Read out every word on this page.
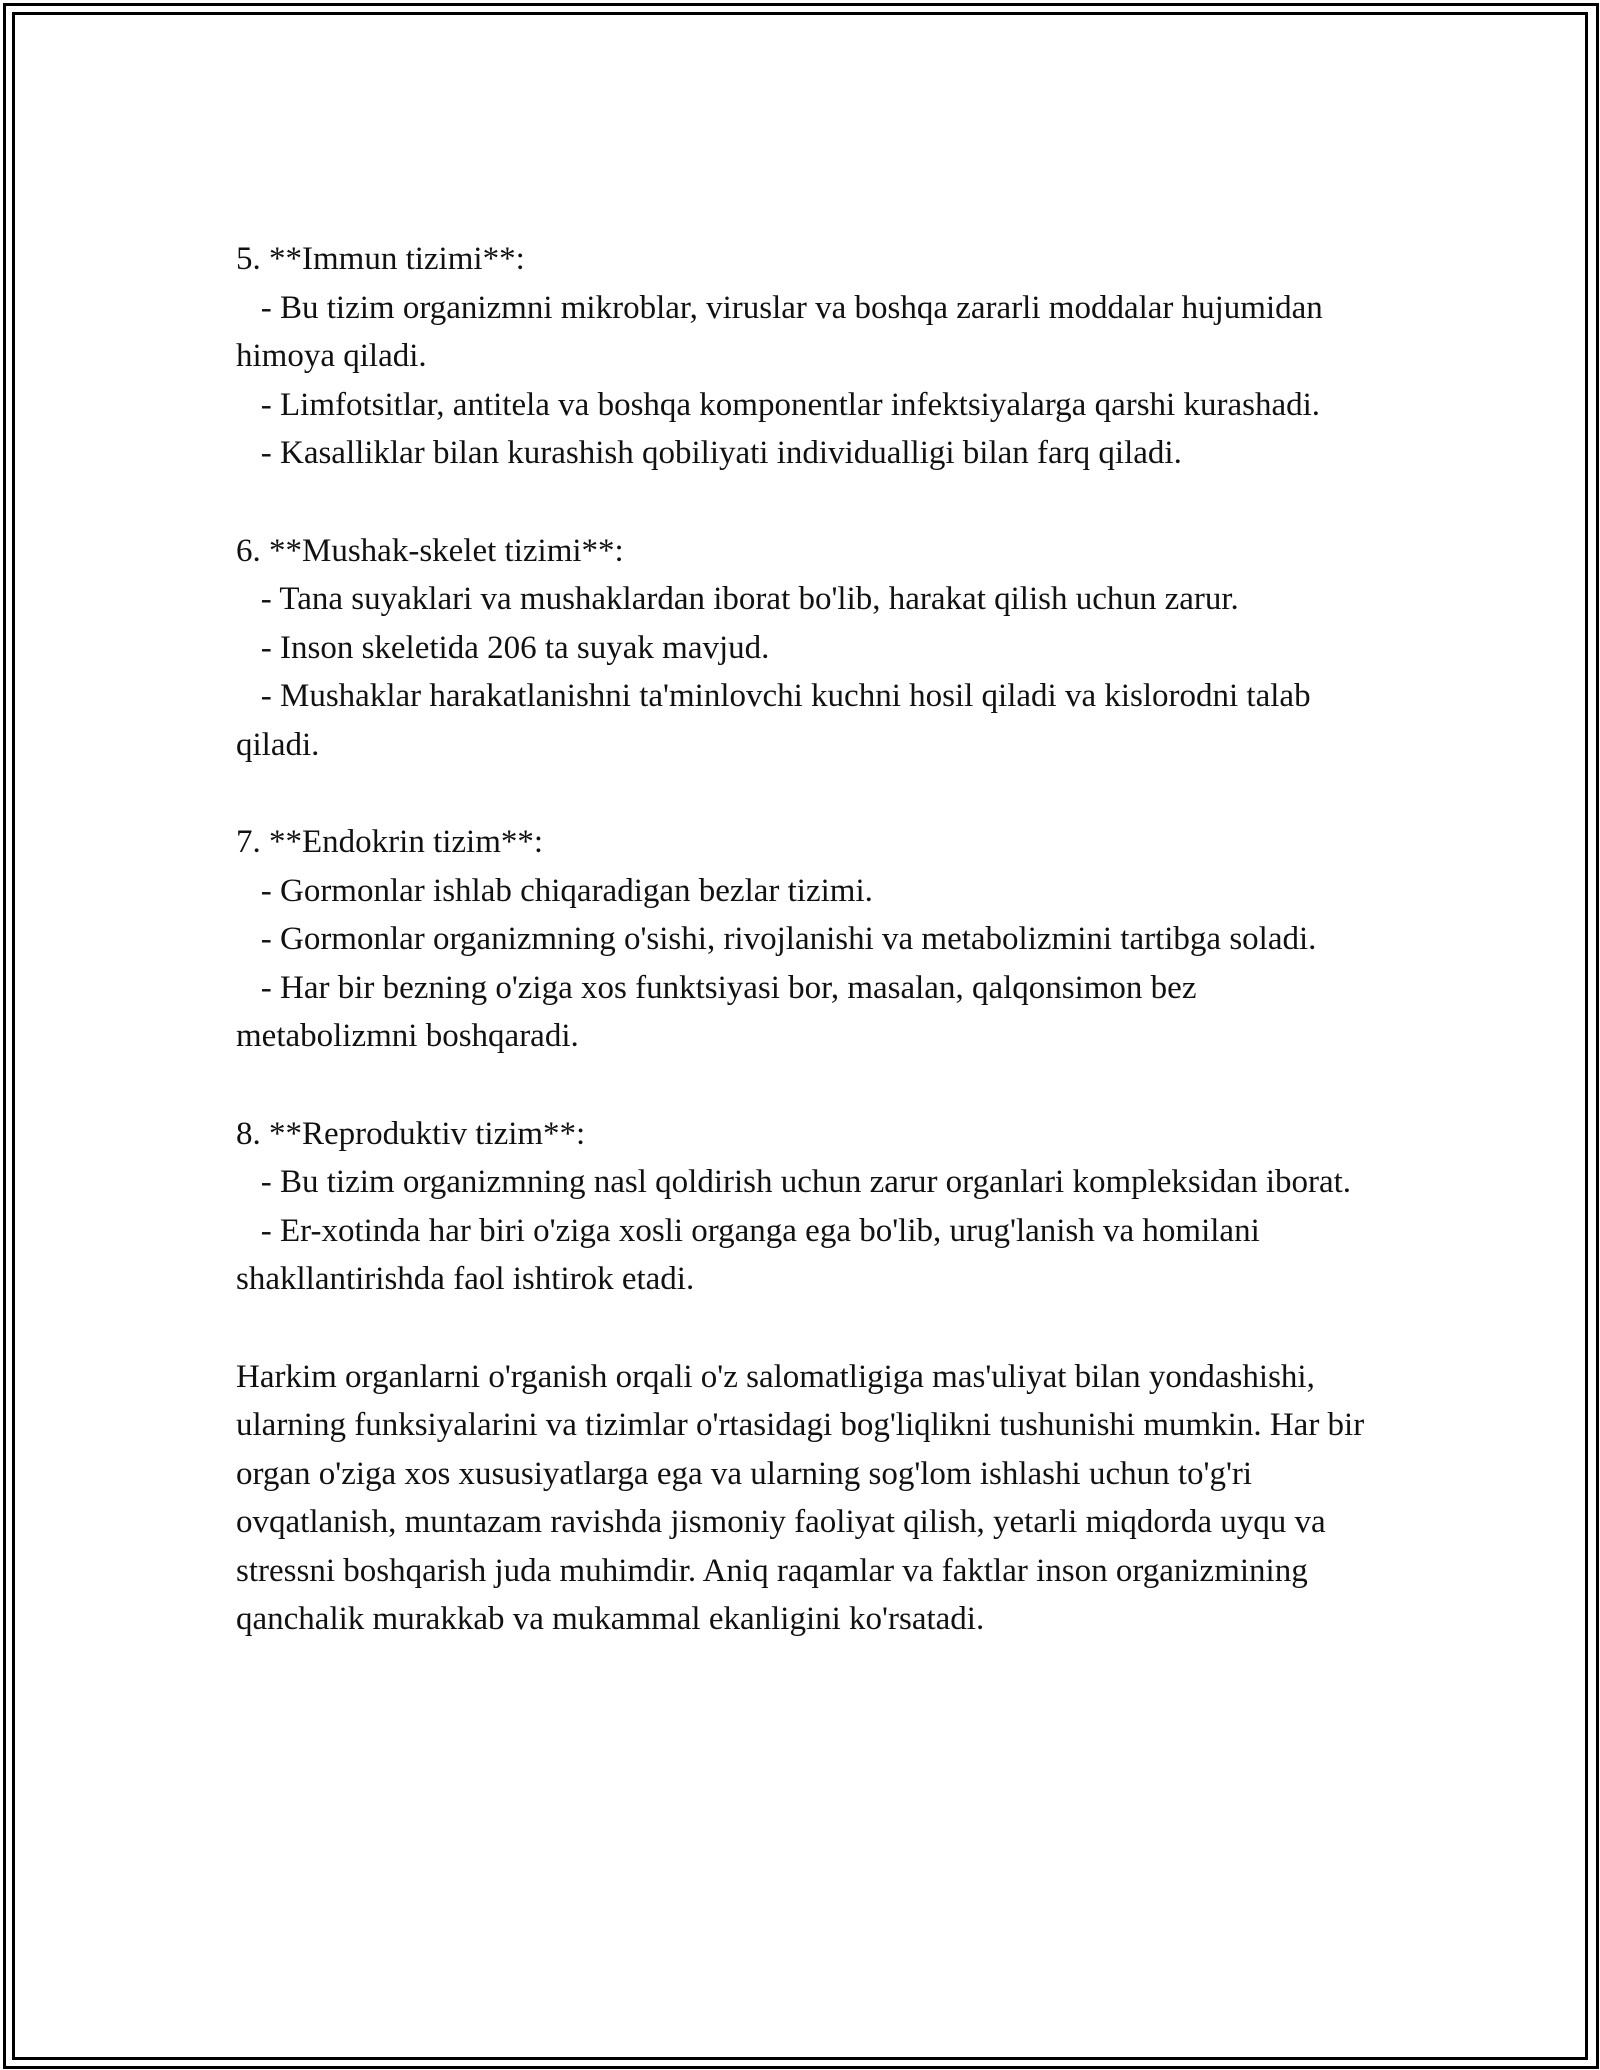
5. **Immun tizimi**:

- Bu tizim organizmni mikroblar, viruslar va boshqa zararli moddalar hujumidan himoya qiladi.

- Limfotsitlar, antitela va boshqa komponentlar infektsiyalarga qarshi kurashadi.

- Kasalliklar bilan kurashish qobiliyati individualligi bilan farq qiladi.

6. **Mushak-skelet tizimi**:

- Tana suyaklari va mushaklardan iborat bo'lib, harakat qilish uchun zarur.

- Inson skeletida 206 ta suyak mavjud.

- Mushaklar harakatlanishni ta'minlovchi kuchni hosil qiladi va kislorodni talab qiladi.

7. **Endokrin tizim**:

- Gormonlar ishlab chiqaradigan bezlar tizimi.

- Gormonlar organizmning o'sishi, rivojlanishi va metabolizmini tartibga soladi.

- Har bir bezning o'ziga xos funktsiyasi bor, masalan, qalqonsimon bez metabolizmni boshqaradi.

8. **Reproduktiv tizim**:

- Bu tizim organizmning nasl qoldirish uchun zarur organlari kompleksidan iborat.

- Er-xotinda har biri o'ziga xosli organga ega bo'lib, urug'lanish va homilani shakllantirishda faol ishtirok etadi.

Harkim organlarni o'rganish orqali o'z salomatligiga mas'uliyat bilan yondashishi, ularning funksiyalarini va tizimlar o'rtasidagi bog'liqlikni tushunishi mumkin. Har bir organ o'ziga xos xususiyatlarga ega va ularning sog'lom ishlashi uchun to'g'ri ovqatlanish, muntazam ravishda jismoniy faoliyat qilish, yetarli miqdorda uyqu va stressni boshqarish juda muhimdir. Aniq raqamlar va faktlar inson organizmining qanchalik murakkab va mukammal ekanligini ko'rsatadi.
